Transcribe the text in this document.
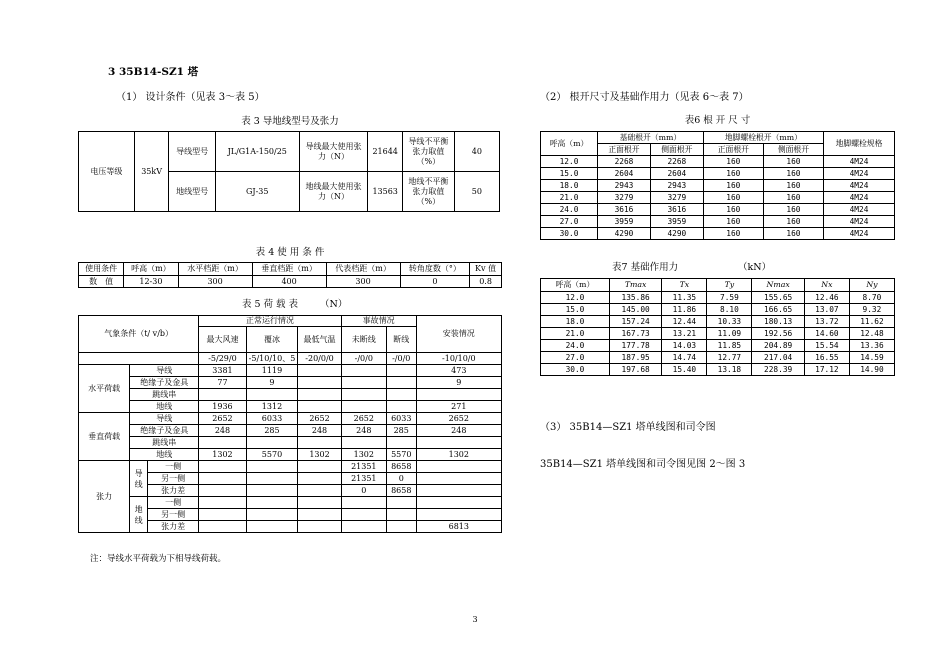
3 35B14-SZ1 塔
（1） 设计条件（见表 3～表 5）
表 3 导地线型号及张力
电压等级	35kV	导线型号	JL/G1A-150/25	导线最大使用张力（N）	21644	导线不平衡张力取值（%）	40
		地线型号	GJ-35	地线最大使用张力（N）	13563	地线不平衡张力取值（%）	50
表 4 使 用 条 件
使用条件	呼高（m）	水平档距（m）	垂直档距（m）	代表档距（m）	转角度数（°）	Kv 值
数　值	12-30	300	400	300	0	0.8
表 5 荷 载 表	（N）
气象条件（t/ v/b）			正常运行情况			事故情况		安装情况
			最大风速	覆冰	最低气温	未断线	断线	
			-5/29/0	-5/10/10、5	-20/0/0	-/0/0	-/0/0	-10/10/0
水平荷载	导线		3381	1119				473
	绝缘子及金具		77	9				9
	跳线串							
	地线		1936	1312				271
垂直荷载	导线		2652	6033	2652	2652	6033	2652
	绝缘子及金具		248	285	248	248	285	248
	跳线串							
	地线		1302	5570	1302	1302	5570	1302
张力	导线	一侧				21351	8658	
		另一侧				21351	0	
		张力差				0	8658	
	地线	一侧						
		另一侧						
		张力差						6813
注：导线水平荷载为下相导线荷载。
（2） 根开尺寸及基础作用力（见表 6～表 7）
表6 根 开 尺 寸
呼高（m）	基础根开（mm）		地脚螺栓根开（mm）		地脚螺栓规格
	正面根开	侧面根开	正面根开	侧面根开	
12.0	2268	2268	160	160	4M24
15.0	2604	2604	160	160	4M24
18.0	2943	2943	160	160	4M24
21.0	3279	3279	160	160	4M24
24.0	3616	3616	160	160	4M24
27.0	3959	3959	160	160	4M24
30.0	4290	4290	160	160	4M24
表7 基础作用力	（kN）
呼高（m）	Tmax	Tx	Ty	Nmax	Nx	Ny
12.0	135.86	11.35	7.59	155.65	12.46	8.70
15.0	145.00	11.86	8.10	166.65	13.07	9.32
18.0	157.24	12.44	10.33	180.13	13.72	11.62
21.0	167.73	13.21	11.09	192.56	14.60	12.48
24.0	177.78	14.03	11.85	204.89	15.54	13.36
27.0	187.95	14.74	12.77	217.04	16.55	14.59
30.0	197.68	15.40	13.18	228.39	17.12	14.90
（3） 35B14—SZ1 塔单线图和司令图
35B14—SZ1 塔单线图和司令图见图 2～图 3
3
